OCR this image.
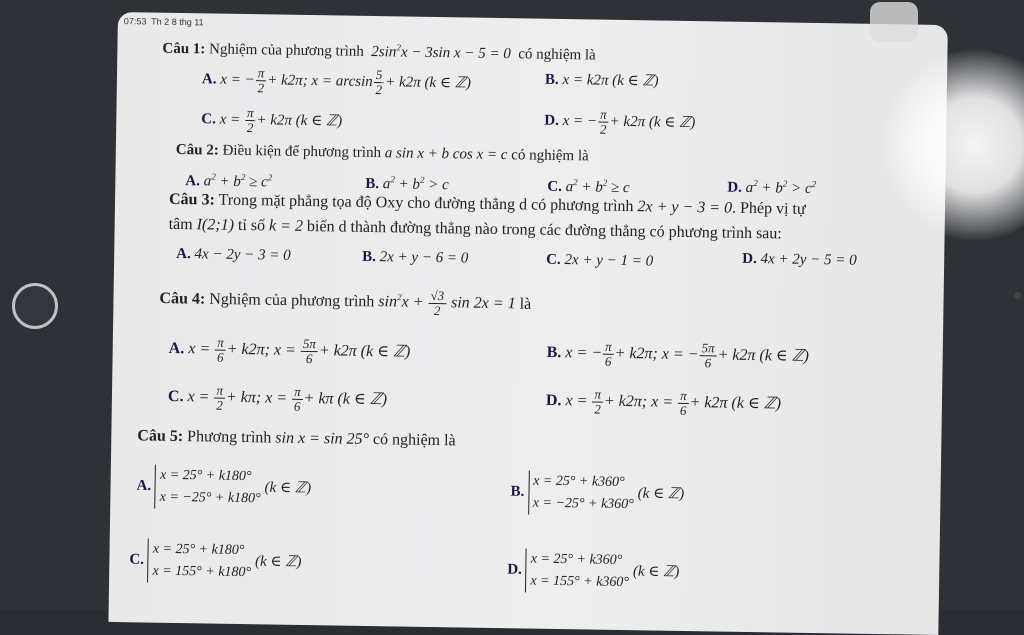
07:53 Th 2 8 thg 11
Câu 1: Nghiệm của phương trình  $2\sin^2x - 3\sin$ x − 5 = 0  có nghiệm là
A. x = − $\frac{\pi}{2} + k2\pi$; $x = \arcsin \frac{5}{2} + k2\pi$ (k ∈ ℤ)	B. x = k2π (k ∈ ℤ)
C. $x = \frac{\pi}{2} + k2\pi$ (k ∈ ℤ)	D. x = − $\frac{\pi}{2} + k2\pi$ (k ∈ ℤ)
Câu 2: Điều kiện để phương trình a sin x + b cos x = c có nghiệm là
A. $a^2 + b^2 \ge c^2$	B. $a^2 + b^2 > c$	C. $a^2 + b^2 \ge c$	D. $a^2 + b^2 > c^2$
Câu 3: Trong mặt phẳng tọa độ Oxy cho đường thẳng d có phương trình 2x + y − 3 = 0. Phép vị tự
tâm I(2;1) tỉ số k = 2 biến d thành đường thẳng nào trong các đường thẳng có phương trình sau:
A. 4x − 2y − 3 = 0	B. 2x + y − 6 = 0	C. 2x + y − 1 = 0	D. 4x + 2y − 5 = 0
Câu 4: Nghiệm của phương trình $\sin^2x + \frac{√3}{2}$ sin 2x = 1 là
A. $x = \frac{\pi}{6} + k2\pi$; $x = \frac{5\pi}{6} + k2\pi$ (k ∈ ℤ)	B. x = − $\frac{\pi}{6} + k2\pi$; x = − $\frac{5\pi}{6} + k2\pi$ (k ∈ ℤ)
C. $x = \frac{\pi}{2} + k\pi$; $x = \frac{\pi}{6} + k\pi$ (k ∈ ℤ)	D. $x = \frac{\pi}{2} + k2\pi$; $x = \frac{\pi}{6} + k2\pi$ (k ∈ ℤ)
Câu 5: Phương trình sin x = sin 25° có nghiệm là
A.
x = 25° + k180°
x = −25° + k180°
(k ∈ ℤ)	B.
x = 25° + k360°
x = −25° + k360°
(k ∈ ℤ)
C.
x = 25° + k180°
x = 155° + k180°
(k ∈ ℤ)	D.
x = 25° + k360°
x = 155° + k360°
(k ∈ ℤ)
